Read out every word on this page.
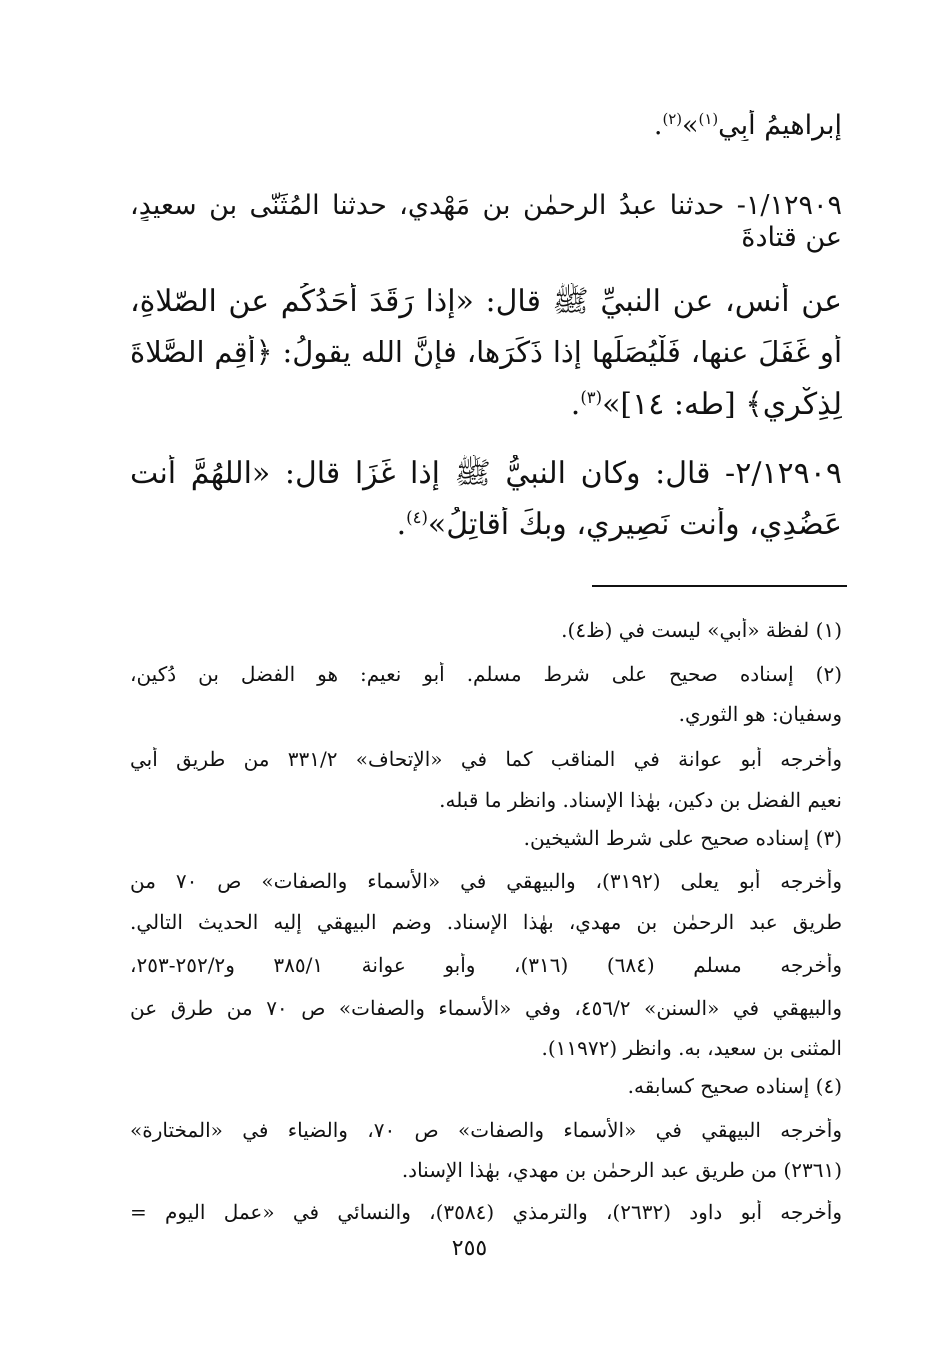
إبراهيمُ أَبِي$^{(١)}$»$^{(٢)}$.
١/١٢٩٠٩- حدثنا عبدُ الرحمٰن بن مَهْدي، حدثنا المُثَنّى بن سعيدٍ،
عن قتادةَ
عن أنس، عن النبيِّ ﷺ قال: «إذا رَقَدَ أَحَدُكُم عن الصّلاةِ،
أو غَفَلَ عنها، فَلْيُصَلِّها إذا ذَكَرَها، فإنَّ الله يقولُ: ﴿أَقِمِ الصَّلاةَ
لِذِكْرِي﴾ [طه: ١٤]»$^{(٣)}$.
٢/١٢٩٠٩- قال: وكان النبيُّ ﷺ إذا غَزَا قال: «اللهُمَّ أَنت
عَضُدِي، وأَنت نَصِيري، وبكَ أُقاتِلُ»$^{(٤)}$.
(١) لفظة «أبي» ليست في (ظ٤).
(٢) إسناده صحيح على شرط مسلم. أبو نعيم: هو الفضل بن دُكين،
وسفيان: هو الثوري.
وأخرجه أبو عوانة في المناقب كما في «الإتحاف» ٣٣١/٢ من طريق أبي
نعيم الفضل بن دكين، بهٰذا الإسناد. وانظر ما قبله.
(٣) إسناده صحيح على شرط الشيخين.
وأخرجه أبو يعلى (٣١٩٢)، والبيهقي في «الأسماء والصفات» ص ٧٠ من
طريق عبد الرحمٰن بن مهدي، بهٰذا الإسناد. وضم البيهقي إليه الحديث التالي.
وأخرجه مسلم (٦٨٤) (٣١٦)، وأبو عوانة ٣٨٥/١ و٢٥٢/٢-٢٥٣،
والبيهقي في «السنن» ٤٥٦/٢، وفي «الأسماء والصفات» ص ٧٠ من طرق عن
المثنى بن سعيد، به. وانظر (١١٩٧٢).
(٤) إسناده صحيح كسابقه.
وأخرجه البيهقي في «الأسماء والصفات» ص ٧٠، والضياء في «المختارة»
(٢٣٦١) من طريق عبد الرحمٰن بن مهدي، بهٰذا الإسناد.
وأخرجه أبو داود (٢٦٣٢)، والترمذي (٣٥٨٤)، والنسائي في «عمل اليوم =
٢٥٥
